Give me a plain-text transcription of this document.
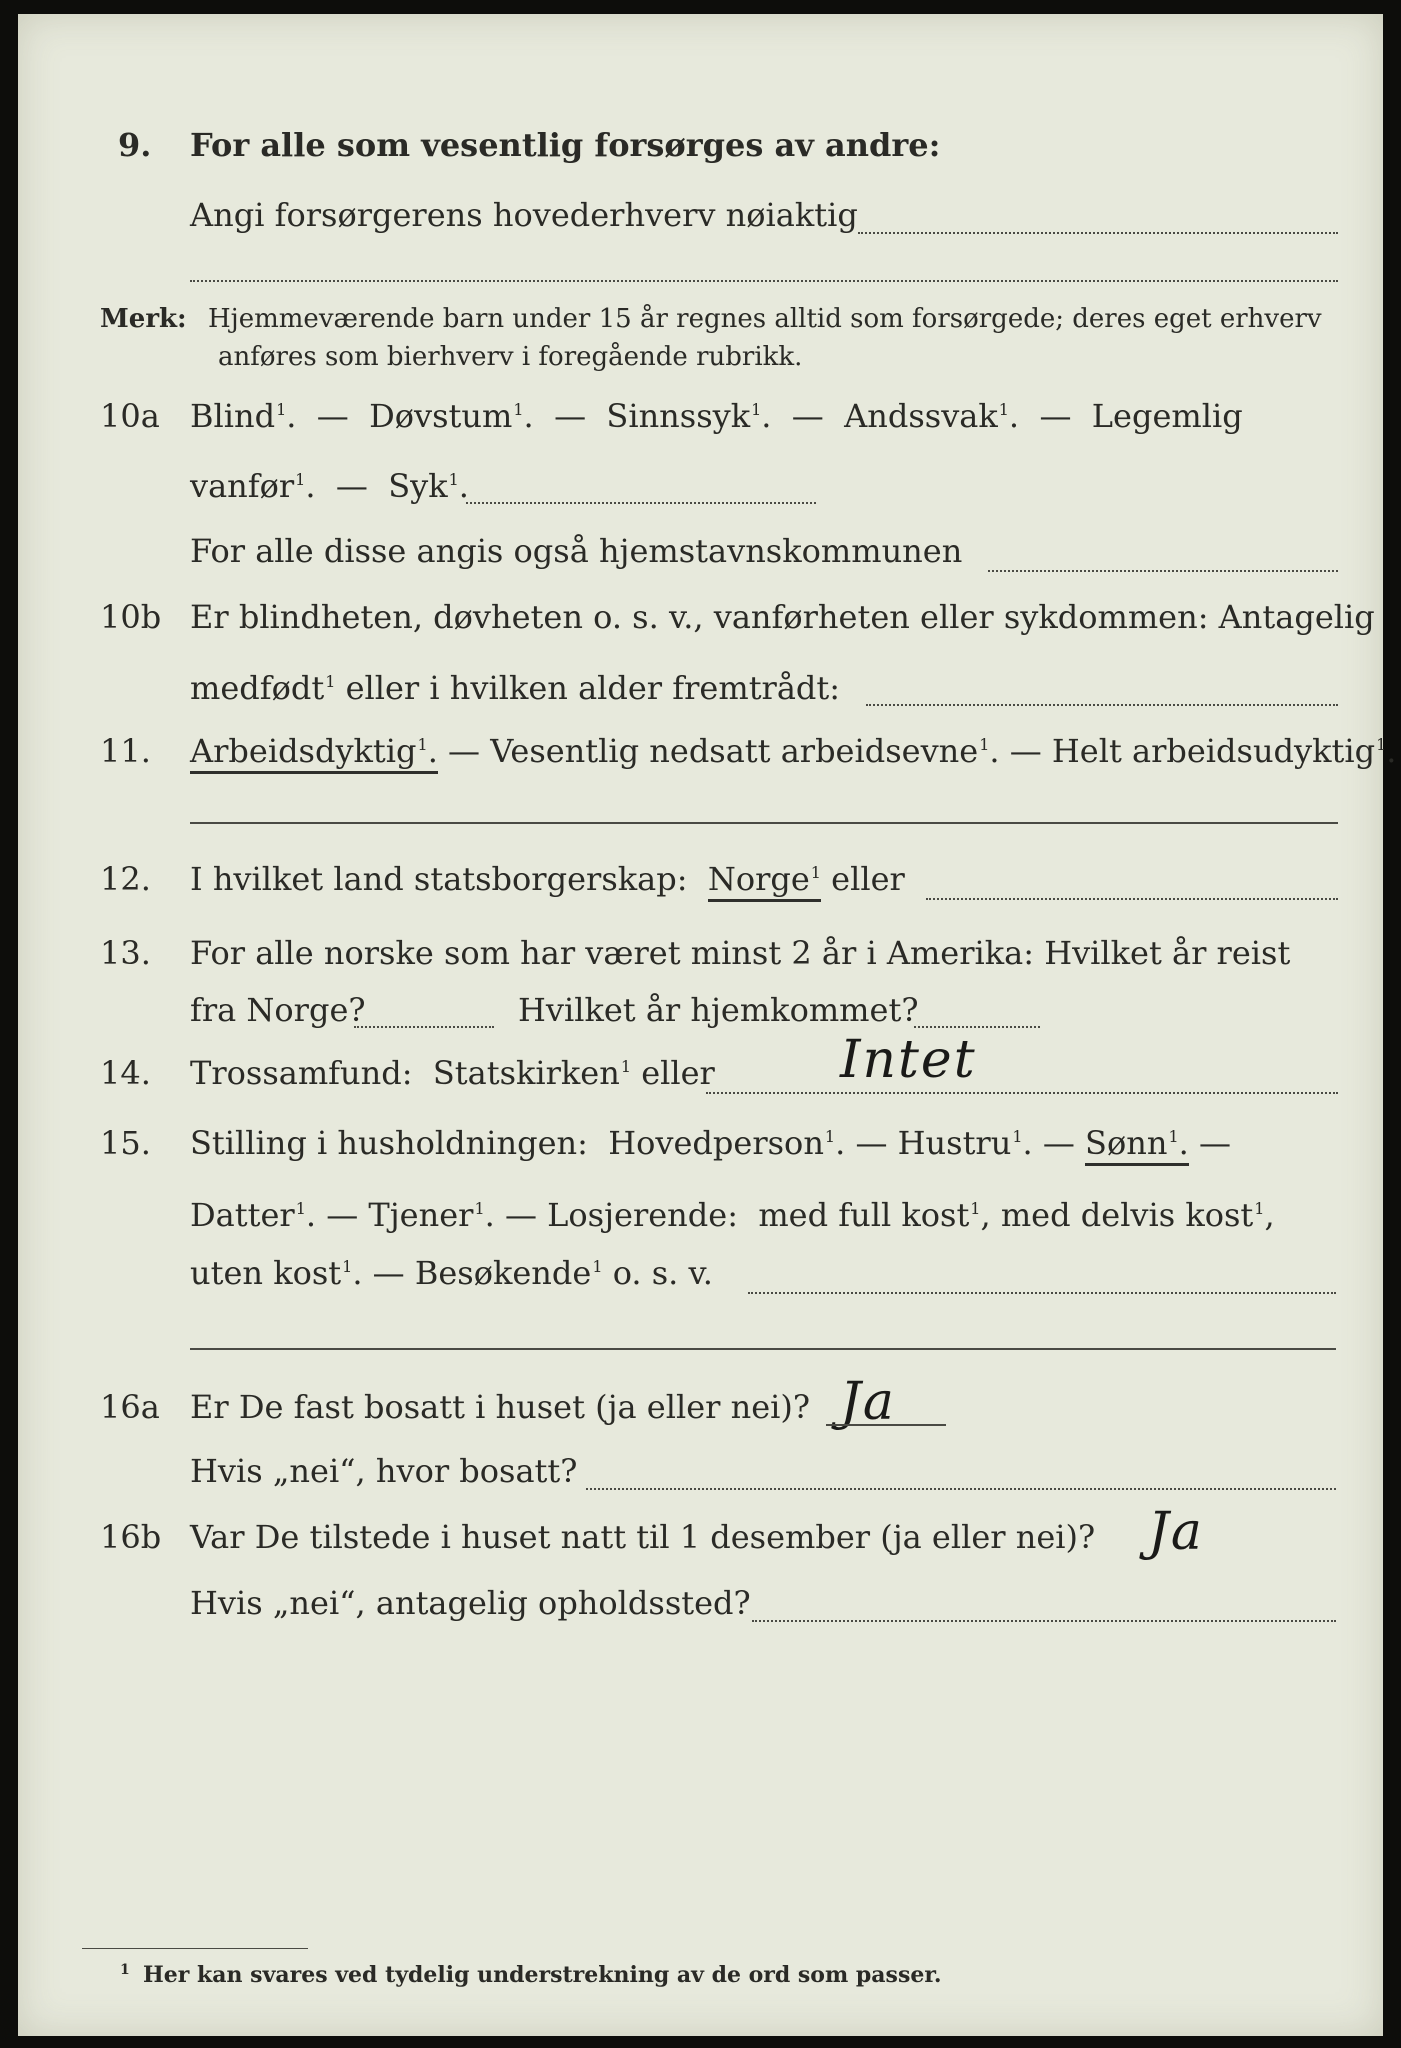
9. For alle som vesentlig forsørges av andre:
Angi forsørgerens hovederhverv nøiaktig
Merk: Hjemmeværende barn under 15 år regnes alltid som forsørgede; deres eget erhverv
anføres som bierhverv i foregående rubrikk.
10a Blind$^1$. — Døvstum$^1$. — Sinnssyk$^1$. — Andssvak$^1$. — Legemlig
vanfør$^1$. — Syk$^1$.
For alle disse angis også hjemstavnskommunen
10b Er blindheten, døvheten o. s. v., vanførheten eller sykdommen: Antagelig
medfødt$^1$ eller i hvilken alder fremtrådt:
11. Arbeidsdyktig$^1$. — Vesentlig nedsatt arbeidsevne$^1$. — Helt arbeidsudyktig$^1$.
12. I hvilket land statsborgerskap: Norge$^1$ eller
13. For alle norske som har været minst 2 år i Amerika: Hvilket år reist
fra Norge?	Hvilket år hjemkommet?
14. Trossamfund: Statskirken$^1$ eller Intet
15. Stilling i husholdningen: Hovedperson$^1$. — Hustru$^1$. — Sønn$^1$. —
Datter$^1$. — Tjener$^1$. — Losjerende: med full kost$^1$, med delvis kost$^1$,
uten kost$^1$. — Besøkende$^1$ o. s. v.
16a Er De fast bosatt i huset (ja eller nei)? Ja
Hvis „nei“, hvor bosatt?
16b Var De tilstede i huset natt til 1 desember (ja eller nei)? Ja
Hvis „nei“, antagelig opholdssted?
1 Her kan svares ved tydelig understrekning av de ord som passer.
